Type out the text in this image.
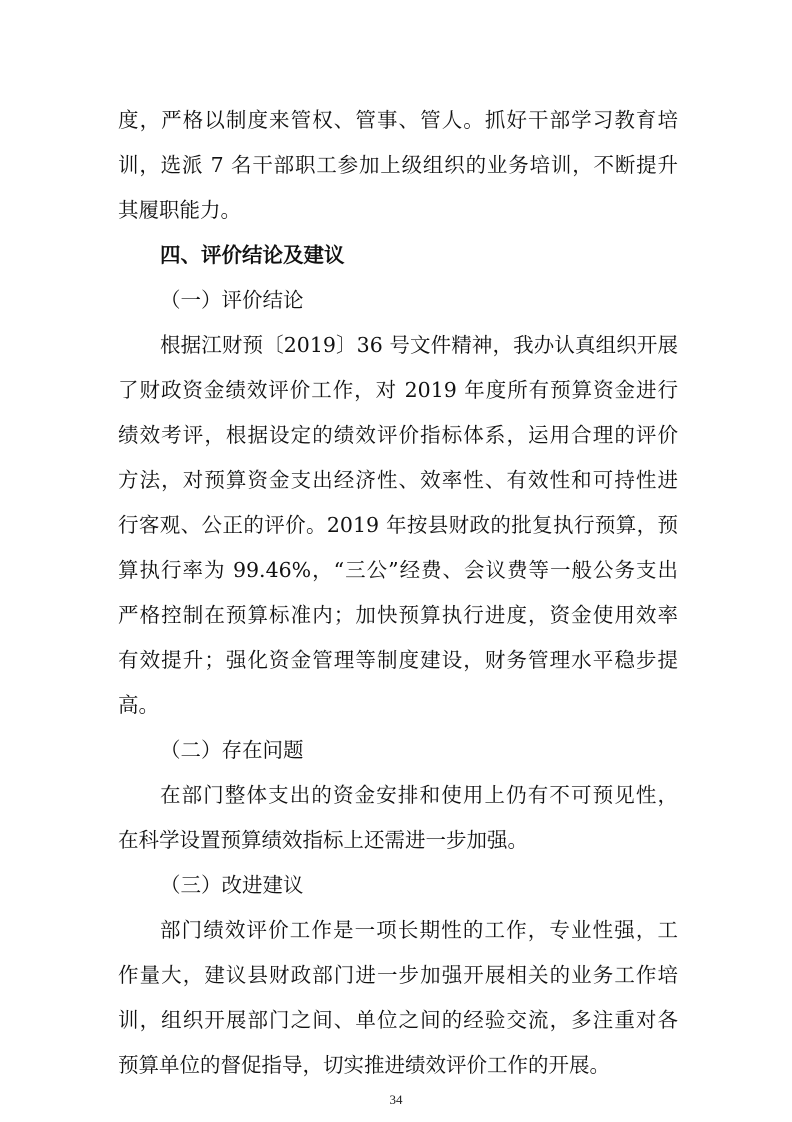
度，严格以制度来管权、管事、管人。抓好干部学习教育培
训，选派 7 名干部职工参加上级组织的业务培训，不断提升
其履职能力。
四、评价结论及建议
（一）评价结论
根据江财预〔2019〕36 号文件精神，我办认真组织开展
了财政资金绩效评价工作，对 2019 年度所有预算资金进行
绩效考评，根据设定的绩效评价指标体系，运用合理的评价
方法，对预算资金支出经济性、效率性、有效性和可持性进
行客观、公正的评价。2019 年按县财政的批复执行预算，预
算执行率为 99.46%，“三公”经费、会议费等一般公务支出
严格控制在预算标准内；加快预算执行进度，资金使用效率
有效提升；强化资金管理等制度建设，财务管理水平稳步提
高。
（二）存在问题
在部门整体支出的资金安排和使用上仍有不可预见性，
在科学设置预算绩效指标上还需进一步加强。
（三）改进建议
部门绩效评价工作是一项长期性的工作，专业性强，工
作量大，建议县财政部门进一步加强开展相关的业务工作培
训，组织开展部门之间、单位之间的经验交流，多注重对各
预算单位的督促指导，切实推进绩效评价工作的开展。
34
